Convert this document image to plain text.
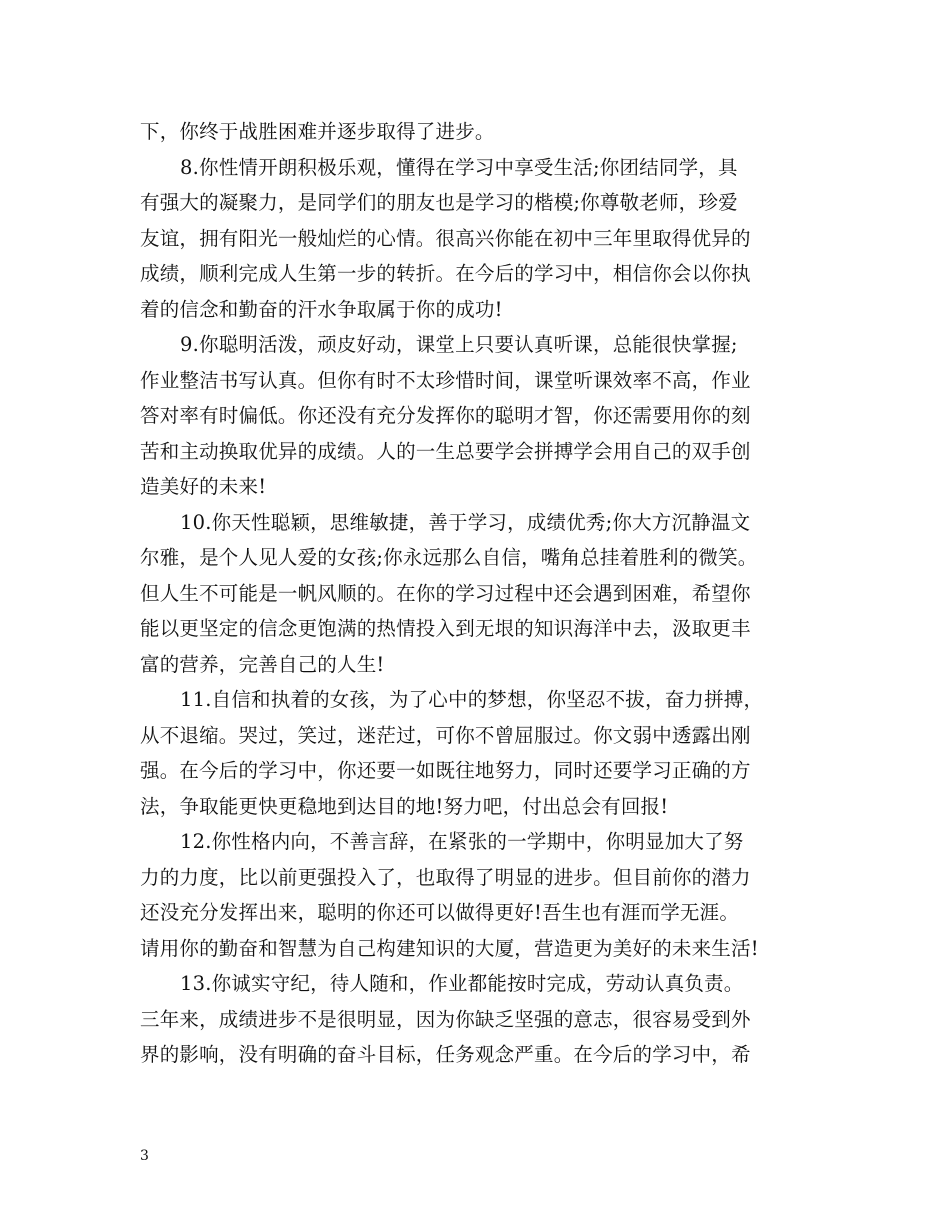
下，你终于战胜困难并逐步取得了进步。
8.你性情开朗积极乐观，懂得在学习中享受生活;你团结同学，具
有强大的凝聚力，是同学们的朋友也是学习的楷模;你尊敬老师，珍爱
友谊，拥有阳光一般灿烂的心情。很高兴你能在初中三年里取得优异的
成绩，顺利完成人生第一步的转折。在今后的学习中，相信你会以你执
着的信念和勤奋的汗水争取属于你的成功!
9.你聪明活泼，顽皮好动，课堂上只要认真听课，总能很快掌握;
作业整洁书写认真。但你有时不太珍惜时间，课堂听课效率不高，作业
答对率有时偏低。你还没有充分发挥你的聪明才智，你还需要用你的刻
苦和主动换取优异的成绩。人的一生总要学会拼搏学会用自己的双手创
造美好的未来!
10.你天性聪颖，思维敏捷，善于学习，成绩优秀;你大方沉静温文
尔雅，是个人见人爱的女孩;你永远那么自信，嘴角总挂着胜利的微笑。
但人生不可能是一帆风顺的。在你的学习过程中还会遇到困难，希望你
能以更坚定的信念更饱满的热情投入到无垠的知识海洋中去，汲取更丰
富的营养，完善自己的人生!
11.自信和执着的女孩，为了心中的梦想，你坚忍不拔，奋力拼搏，
从不退缩。哭过，笑过，迷茫过，可你不曾屈服过。你文弱中透露出刚
强。在今后的学习中，你还要一如既往地努力，同时还要学习正确的方
法，争取能更快更稳地到达目的地!努力吧，付出总会有回报!
12.你性格内向，不善言辞，在紧张的一学期中，你明显加大了努
力的力度，比以前更强投入了，也取得了明显的进步。但目前你的潜力
还没充分发挥出来，聪明的你还可以做得更好!吾生也有涯而学无涯。
请用你的勤奋和智慧为自己构建知识的大厦，营造更为美好的未来生活!
13.你诚实守纪，待人随和，作业都能按时完成，劳动认真负责。
三年来，成绩进步不是很明显，因为你缺乏坚强的意志，很容易受到外
界的影响，没有明确的奋斗目标，任务观念严重。在今后的学习中，希
3
